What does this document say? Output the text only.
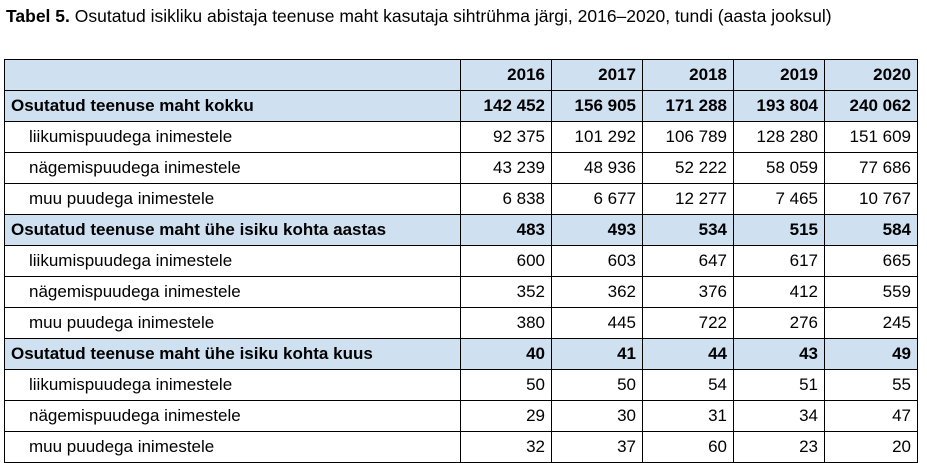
Tabel 5. Osutatud isikliku abistaja teenuse maht kasutaja sihtrühma järgi, 2016–2020, tundi (aasta jooksul)
	2016	2017	2018	2019	2020
Osutatud teenuse maht kokku	142 452	156 905	171 288	193 804	240 062
liikumispuudega inimestele	92 375	101 292	106 789	128 280	151 609
nägemispuudega inimestele	43 239	48 936	52 222	58 059	77 686
muu puudega inimestele	6 838	6 677	12 277	7 465	10 767
Osutatud teenuse maht ühe isiku kohta aastas	483	493	534	515	584
liikumispuudega inimestele	600	603	647	617	665
nägemispuudega inimestele	352	362	376	412	559
muu puudega inimestele	380	445	722	276	245
Osutatud teenuse maht ühe isiku kohta kuus	40	41	44	43	49
liikumispuudega inimestele	50	50	54	51	55
nägemispuudega inimestele	29	30	31	34	47
muu puudega inimestele	32	37	60	23	20
